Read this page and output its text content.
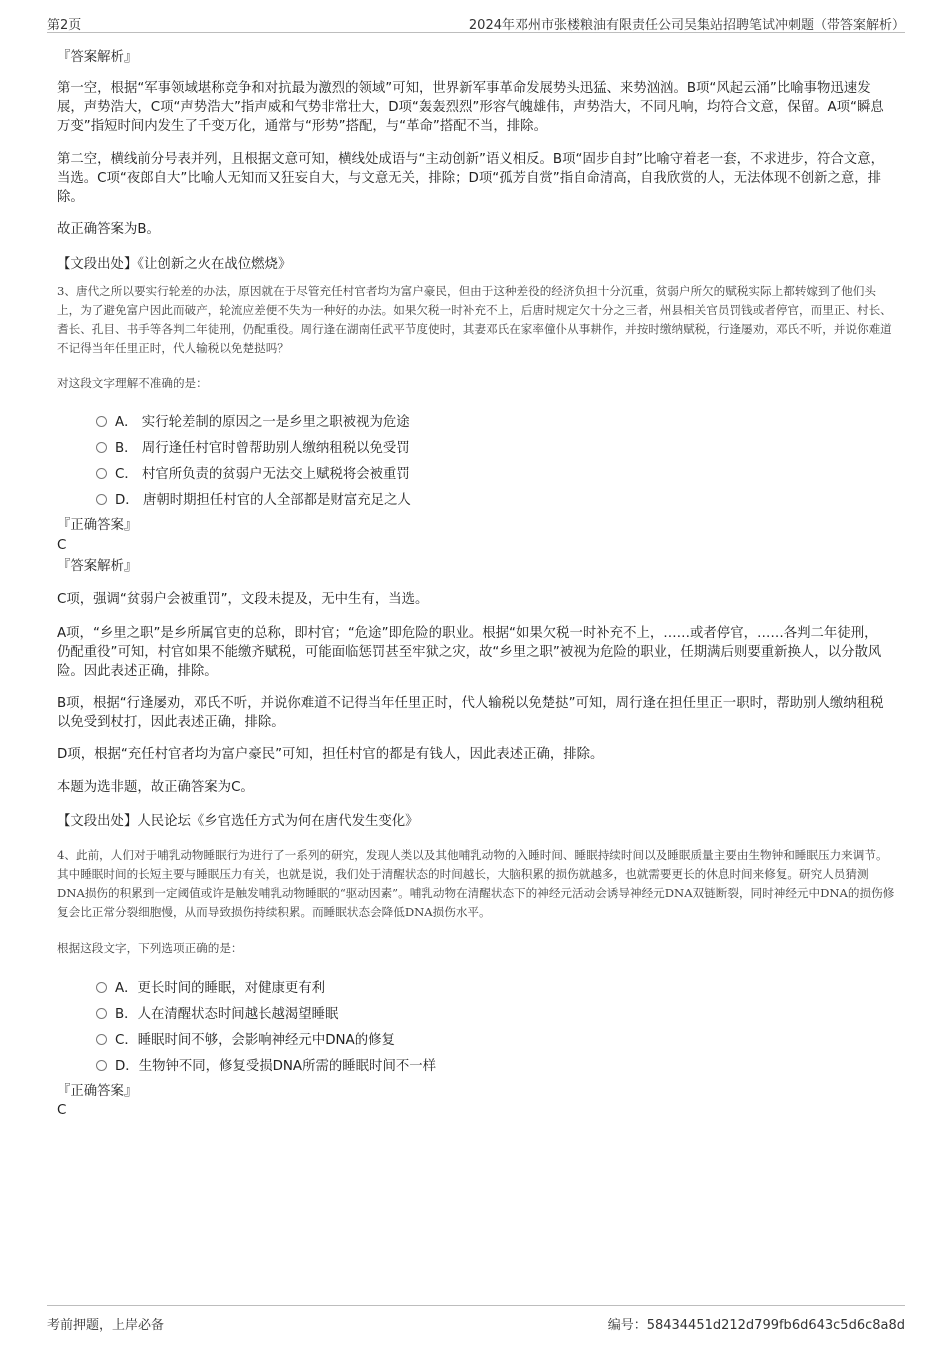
第2页	2024年邓州市张楼粮油有限责任公司吴集站招聘笔试冲刺题（带答案解析）
『答案解析』
第一空，根据“军事领域堪称竞争和对抗最为激烈的领域”可知，世界新军事革命发展势头迅猛、来势汹汹。B项“风起云涌”比喻事物迅速发展，声势浩大，C项“声势浩大”指声威和气势非常壮大，D项“轰轰烈烈”形容气魄雄伟，声势浩大，不同凡响，均符合文意，保留。A项“瞬息万变”指短时间内发生了千变万化，通常与“形势”搭配，与“革命”搭配不当，排除。
第二空，横线前分号表并列，且根据文意可知，横线处成语与“主动创新”语义相反。B项“固步自封”比喻守着老一套，不求进步，符合文意，当选。C项“夜郎自大”比喻人无知而又狂妄自大，与文意无关，排除；D项“孤芳自赏”指自命清高，自我欣赏的人，无法体现不创新之意，排除。
故正确答案为B。
【文段出处】《让创新之火在战位燃烧》
3、唐代之所以要实行轮差的办法，原因就在于尽管充任村官者均为富户豪民，但由于这种差役的经济负担十分沉重，贫弱户所欠的赋税实际上都转嫁到了他们头上，为了避免富户因此而破产，轮流应差便不失为一种好的办法。如果欠税一时补充不上，后唐时规定欠十分之三者，州县相关官员罚钱或者停官，而里正、村长、耆长、孔目、书手等各判二年徒刑，仍配重役。周行逢在湖南任武平节度使时，其妻邓氏在家率僮仆从事耕作，并按时缴纳赋税，行逢屡劝，邓氏不听，并说你难道不记得当年任里正时，代人输税以免楚挞吗？
对这段文字理解不准确的是：
A． 实行轮差制的原因之一是乡里之职被视为危途
B． 周行逢任村官时曾帮助别人缴纳租税以免受罚
C． 村官所负责的贫弱户无法交上赋税将会被重罚
D． 唐朝时期担任村官的人全部都是财富充足之人
『正确答案』
C
『答案解析』
C项，强调“贫弱户会被重罚”，文段未提及，无中生有，当选。
A项，“乡里之职”是乡所属官吏的总称，即村官；“危途”即危险的职业。根据“如果欠税一时补充不上，……或者停官，……各判二年徒刑，仍配重役”可知，村官如果不能缴齐赋税，可能面临惩罚甚至牢狱之灾，故“乡里之职”被视为危险的职业，任期满后则要重新换人，以分散风险。因此表述正确，排除。
B项，根据“行逢屡劝，邓氏不听，并说你难道不记得当年任里正时，代人输税以免楚挞”可知，周行逢在担任里正一职时，帮助别人缴纳租税以免受到杖打，因此表述正确，排除。
D项，根据“充任村官者均为富户豪民”可知，担任村官的都是有钱人，因此表述正确，排除。
本题为选非题，故正确答案为C。
【文段出处】人民论坛《乡官选任方式为何在唐代发生变化》
4、此前，人们对于哺乳动物睡眠行为进行了一系列的研究，发现人类以及其他哺乳动物的入睡时间、睡眠持续时间以及睡眠质量主要由生物钟和睡眠压力来调节。其中睡眠时间的长短主要与睡眠压力有关，也就是说，我们处于清醒状态的时间越长，大脑积累的损伤就越多，也就需要更长的休息时间来修复。研究人员猜测DNA损伤的积累到一定阈值或许是触发哺乳动物睡眠的“驱动因素”。哺乳动物在清醒状态下的神经元活动会诱导神经元DNA双链断裂，同时神经元中DNA的损伤修复会比正常分裂细胞慢，从而导致损伤持续积累。而睡眠状态会降低DNA损伤水平。
根据这段文字，下列选项正确的是：
A．更长时间的睡眠，对健康更有利
B．人在清醒状态时间越长越渴望睡眠
C．睡眠时间不够，会影响神经元中DNA的修复
D．生物钟不同，修复受损DNA所需的睡眠时间不一样
『正确答案』
C
考前押题，上岸必备	编号：58434451d212d799fb6d643c5d6c8a8d
